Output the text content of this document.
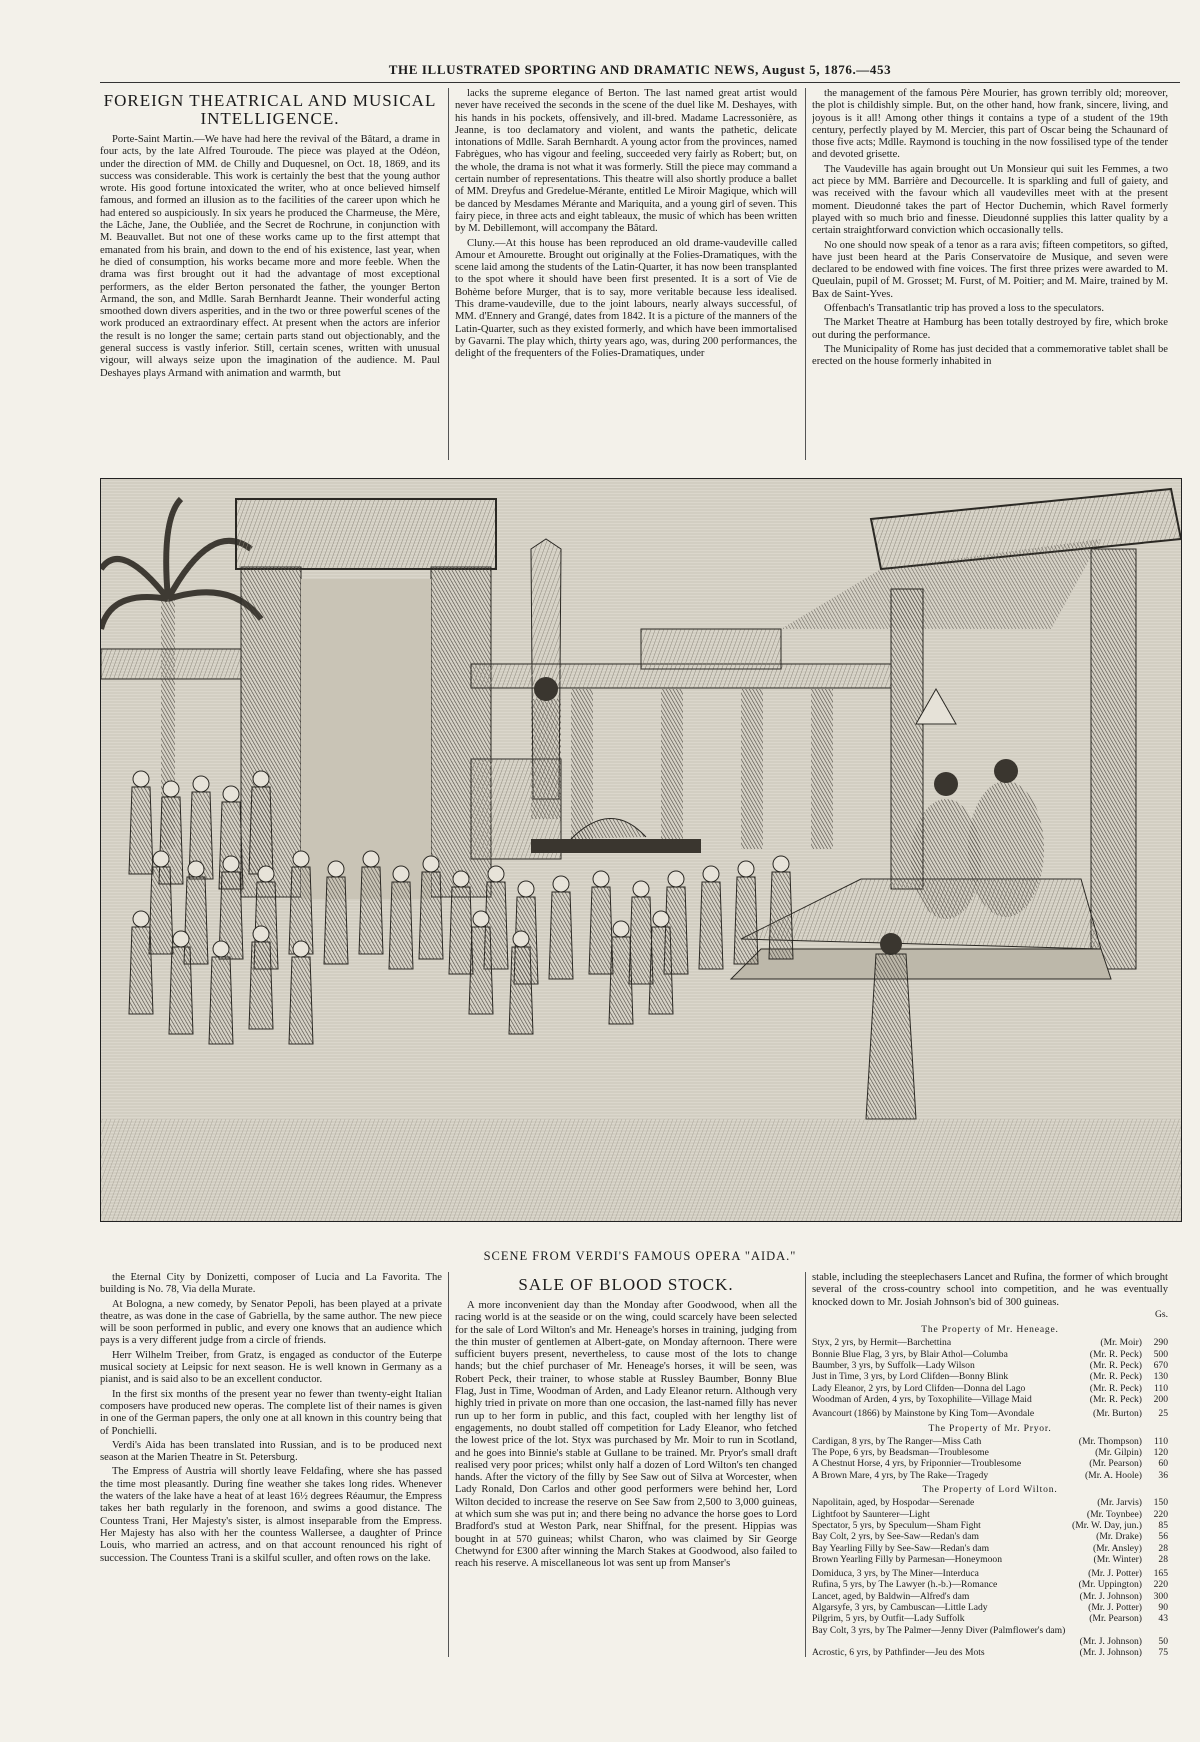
THE ILLUSTRATED SPORTING AND DRAMATIC NEWS, August 5, 1876.—453
FOREIGN THEATRICAL AND MUSICAL INTELLIGENCE.

Porte-Saint Martin.—We have had here the revival of the Bâtard, a drame in four acts, by the late Alfred Touroude. The piece was played at the Odéon, under the direction of MM. de Chilly and Duquesnel, on Oct. 18, 1869, and its success was considerable. This work is certainly the best that the young author wrote. His good fortune intoxicated the writer, who at once believed himself famous, and formed an illusion as to the facilities of the career upon which he had entered so auspiciously. In six years he produced the Charmeuse, the Mère, the Lâche, Jane, the Oubliée, and the Secret de Rochrune, in conjunction with M. Beauvallet. But not one of these works came up to the first attempt that emanated from his brain, and down to the end of his existence, last year, when he died of consumption, his works became more and more feeble. When the drama was first brought out it had the advantage of most exceptional performers, as the elder Berton personated the father, the younger Berton Armand, the son, and Mdlle. Sarah Bernhardt Jeanne. Their wonderful acting smoothed down divers asperities, and in the two or three powerful scenes of the work produced an extraordinary effect. At present when the actors are inferior the result is no longer the same; certain parts stand out objectionably, and the general success is vastly inferior. Still, certain scenes, written with unusual vigour, will always seize upon the imagination of the audience. M. Paul Deshayes plays Armand with animation and warmth, but

lacks the supreme elegance of Berton. The last named great artist would never have received the seconds in the scene of the duel like M. Deshayes, with his hands in his pockets, offensively, and ill-bred. Madame Lacressonière, as Jeanne, is too declamatory and violent, and wants the pathetic, delicate intonations of Mdlle. Sarah Bernhardt. A young actor from the provinces, named Fabrègues, who has vigour and feeling, succeeded very fairly as Robert; but, on the whole, the drama is not what it was formerly. Still the piece may command a certain number of representations. This theatre will also shortly produce a ballet of MM. Dreyfus and Gredelue-Mérante, entitled Le Miroir Magique, which will be danced by Mesdames Mérante and Mariquita, and a young girl of seven. This fairy piece, in three acts and eight tableaux, the music of which has been written by M. Debillemont, will accompany the Bâtard.

Cluny.—At this house has been reproduced an old drame-vaudeville called Amour et Amourette. Brought out originally at the Folies-Dramatiques, with the scene laid among the students of the Latin-Quarter, it has now been transplanted to the spot where it should have been first presented. It is a sort of Vie de Bohème before Murger, that is to say, more veritable because less idealised. This drame-vaudeville, due to the joint labours, nearly always successful, of MM. d'Ennery and Grangé, dates from 1842. It is a picture of the manners of the Latin-Quarter, such as they existed formerly, and which have been immortalised by Gavarni. The play which, thirty years ago, was, during 200 performances, the delight of the frequenters of the Folies-Dramatiques, under

the management of the famous Père Mourier, has grown terribly old; moreover, the plot is childishly simple. But, on the other hand, how frank, sincere, living, and joyous is it all! Among other things it contains a type of a student of the 19th century, perfectly played by M. Mercier, this part of Oscar being the Schaunard of those five acts; Mdlle. Raymond is touching in the now fossilised type of the tender and devoted grisette.

The Vaudeville has again brought out Un Monsieur qui suit les Femmes, a two act piece by MM. Barrière and Decourcelle. It is sparkling and full of gaiety, and was received with the favour which all vaudevilles meet with at the present moment. Dieudonné takes the part of Hector Duchemin, which Ravel formerly played with so much brio and finesse. Dieudonné supplies this latter quality by a certain straightforward conviction which occasionally tells.

No one should now speak of a tenor as a rara avis; fifteen competitors, so gifted, have just been heard at the Paris Conservatoire de Musique, and seven were declared to be endowed with fine voices. The first three prizes were awarded to M. Queulain, pupil of M. Grosset; M. Furst, of M. Poitier; and M. Maire, trained by M. Bax de Saint-Yves.

Offenbach's Transatlantic trip has proved a loss to the speculators.

The Market Theatre at Hamburg has been totally destroyed by fire, which broke out during the performance.

The Municipality of Rome has just decided that a commemorative tablet shall be erected on the house formerly inhabited in

SCENE FROM VERDI'S FAMOUS OPERA "AIDA."

the Eternal City by Donizetti, composer of Lucia and La Favorita. The building is No. 78, Via della Murate.

At Bologna, a new comedy, by Senator Pepoli, has been played at a private theatre, as was done in the case of Gabriella, by the same author. The new piece will be soon performed in public, and every one knows that an audience which pays is a very different judge from a circle of friends.

Herr Wilhelm Treiber, from Gratz, is engaged as conductor of the Euterpe musical society at Leipsic for next season. He is well known in Germany as a pianist, and is said also to be an excellent conductor.

In the first six months of the present year no fewer than twenty-eight Italian composers have produced new operas. The complete list of their names is given in one of the German papers, the only one at all known in this country being that of Ponchielli.

Verdi's Aida has been translated into Russian, and is to be produced next season at the Marien Theatre in St. Petersburg.

The Empress of Austria will shortly leave Feldafing, where she has passed the time most pleasantly. During fine weather she takes long rides. Whenever the waters of the lake have a heat of at least 16½ degrees Réaumur, the Empress takes her bath regularly in the forenoon, and swims a good distance. The Countess Trani, Her Majesty's sister, is almost inseparable from the Empress. Her Majesty has also with her the countess Wallersee, a daughter of Prince Louis, who married an actress, and on that account renounced his right of succession. The Countess Trani is a skilful sculler, and often rows on the lake.

SALE OF BLOOD STOCK.

A more inconvenient day than the Monday after Goodwood, when all the racing world is at the seaside or on the wing, could scarcely have been selected for the sale of Lord Wilton's and Mr. Heneage's horses in training, judging from the thin muster of gentlemen at Albert-gate, on Monday afternoon. There were sufficient buyers present, nevertheless, to cause most of the lots to change hands; but the chief purchaser of Mr. Heneage's horses, it will be seen, was Robert Peck, their trainer, to whose stable at Russley Baumber, Bonny Blue Flag, Just in Time, Woodman of Arden, and Lady Eleanor return. Although very highly tried in private on more than one occasion, the last-named filly has never run up to her form in public, and this fact, coupled with her lengthy list of engagements, no doubt stalled off competition for Lady Eleanor, who fetched the lowest price of the lot. Styx was purchased by Mr. Moir to run in Scotland, and he goes into Binnie's stable at Gullane to be trained. Mr. Pryor's small draft realised very poor prices; whilst only half a dozen of Lord Wilton's ten changed hands. After the victory of the filly by See Saw out of Silva at Worcester, when Lady Ronald, Don Carlos and other good performers were behind her, Lord Wilton decided to increase the reserve on See Saw from 2,500 to 3,000 guineas, at which sum she was put in; and there being no advance the horse goes to Lord Bradford's stud at Weston Park, near Shiffnal, for the present. Hippias was bought in at 570 guineas; whilst Charon, who was claimed by Sir George Chetwynd for £300 after winning the March Stakes at Goodwood, also failed to reach his reserve. A miscellaneous lot was sent up from Manser's

stable, including the steeplechasers Lancet and Rufina, the former of which brought several of the cross-country school into competition, and he was eventually knocked down to Mr. Josiah Johnson's bid of 300 guineas.

Gs.
The Property of Mr. Heneage.
Styx, 2 yrs, by Hermit—Barchettina	(Mr. Moir)	290
Bonnie Blue Flag, 3 yrs, by Blair Athol—Columba	(Mr. R. Peck)	500
Baumber, 3 yrs, by Suffolk—Lady Wilson	(Mr. R. Peck)	670
Just in Time, 3 yrs, by Lord Clifden—Bonny Blink	(Mr. R. Peck)	130
Lady Eleanor, 2 yrs, by Lord Clifden—Donna del Lago	(Mr. R. Peck)	110
Woodman of Arden, 4 yrs, by Toxophilite—Village Maid	(Mr. R. Peck)	200
Avancourt (1866) by Mainstone by King Tom—Avondale	(Mr. Burton)	25
The Property of Mr. Pryor.
Cardigan, 8 yrs, by The Ranger—Miss Cath	(Mr. Thompson)	110
The Pope, 6 yrs, by Beadsman—Troublesome	(Mr. Gilpin)	120
A Chestnut Horse, 4 yrs, by Friponnier—Troublesome	(Mr. Pearson)	60
A Brown Mare, 4 yrs, by The Rake—Tragedy	(Mr. A. Hoole)	36
The Property of Lord Wilton.
Napolitain, aged, by Hospodar—Serenade	(Mr. Jarvis)	150
Lightfoot by Saunterer—Light	(Mr. Toynbee)	220
Spectator, 5 yrs, by Speculum—Sham Fight	(Mr. W. Day, jun.)	85
Bay Colt, 2 yrs, by See-Saw—Redan's dam	(Mr. Drake)	56
Bay Yearling Filly by See-Saw—Redan's dam	(Mr. Ansley)	28
Brown Yearling Filly by Parmesan—Honeymoon	(Mr. Winter)	28
Domiduca, 3 yrs, by The Miner—Interduca	(Mr. J. Potter)	165
Rufina, 5 yrs, by The Lawyer (h.-b.)—Romance	(Mr. Uppington)	220
Lancet, aged, by Baldwin—Alfred's dam	(Mr. J. Johnson)	300
Algarsyfe, 3 yrs, by Cambuscan—Little Lady	(Mr. J. Potter)	90
Pilgrim, 5 yrs, by Outfit—Lady Suffolk	(Mr. Pearson)	43
Bay Colt, 3 yrs, by The Palmer—Jenny Diver (Palmflower's dam)		
	(Mr. J. Johnson)	50
Acrostic, 6 yrs, by Pathfinder—Jeu des Mots	(Mr. J. Johnson)	75
